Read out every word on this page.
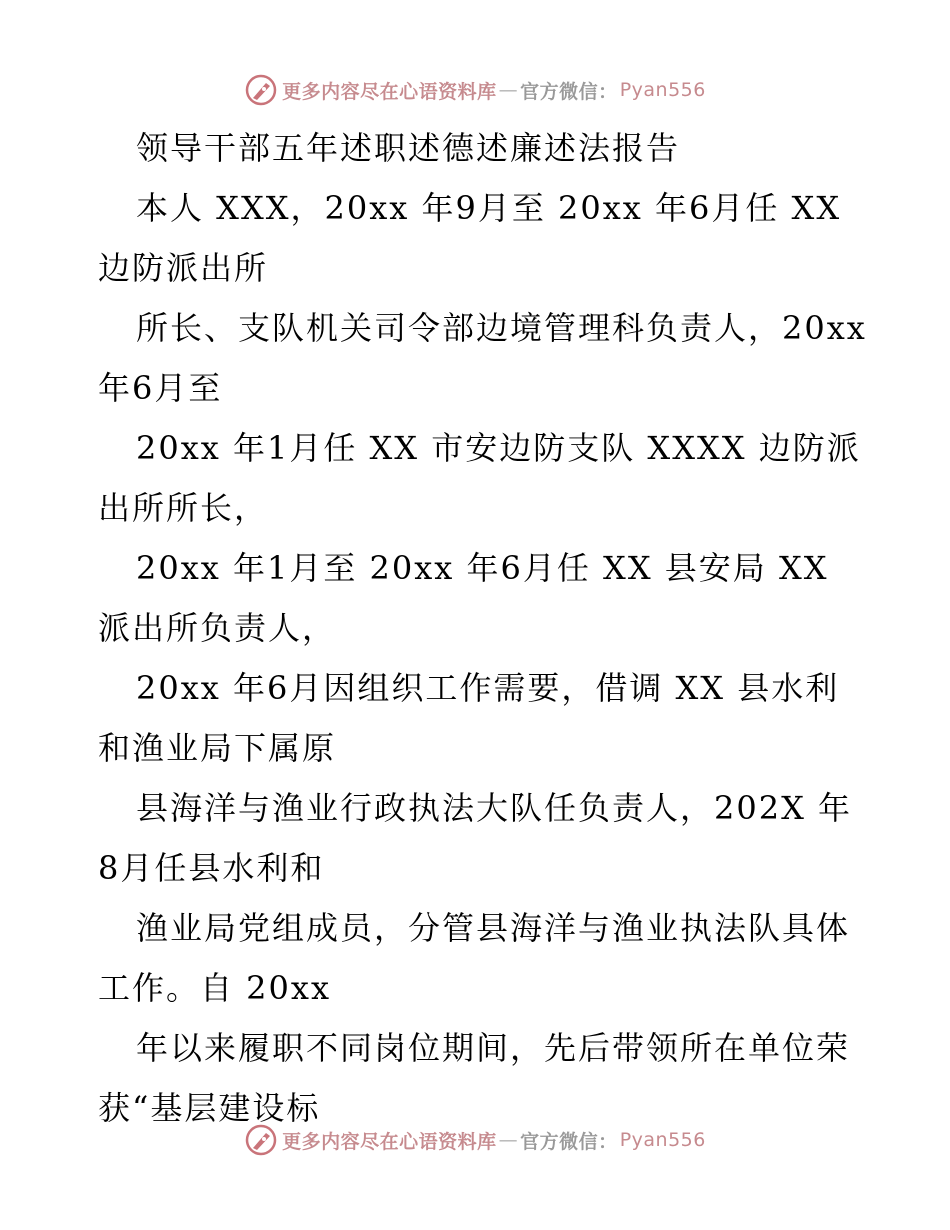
更多内容尽在心语资料库 — 官方微信： Pyan556
领导干部五年述职述德述廉述法报告
本人 XXX，20xx 年9月至 20xx 年6月任 XX
边防派出所
所长、支队机关司令部边境管理科负责人，20xx
年6月至
20xx 年1月任 XX 市安边防支队 XXXX 边防派
出所所长，
20xx 年1月至 20xx 年6月任 XX 县安局 XX
派出所负责人，
20xx 年6月因组织工作需要，借调 XX 县水利
和渔业局下属原
县海洋与渔业行政执法大队任负责人，202X 年
8月任县水利和
渔业局党组成员，分管县海洋与渔业执法队具体
工作。自 20xx
年以来履职不同岗位期间，先后带领所在单位荣
获“基层建设标
更多内容尽在心语资料库 — 官方微信： Pyan556
